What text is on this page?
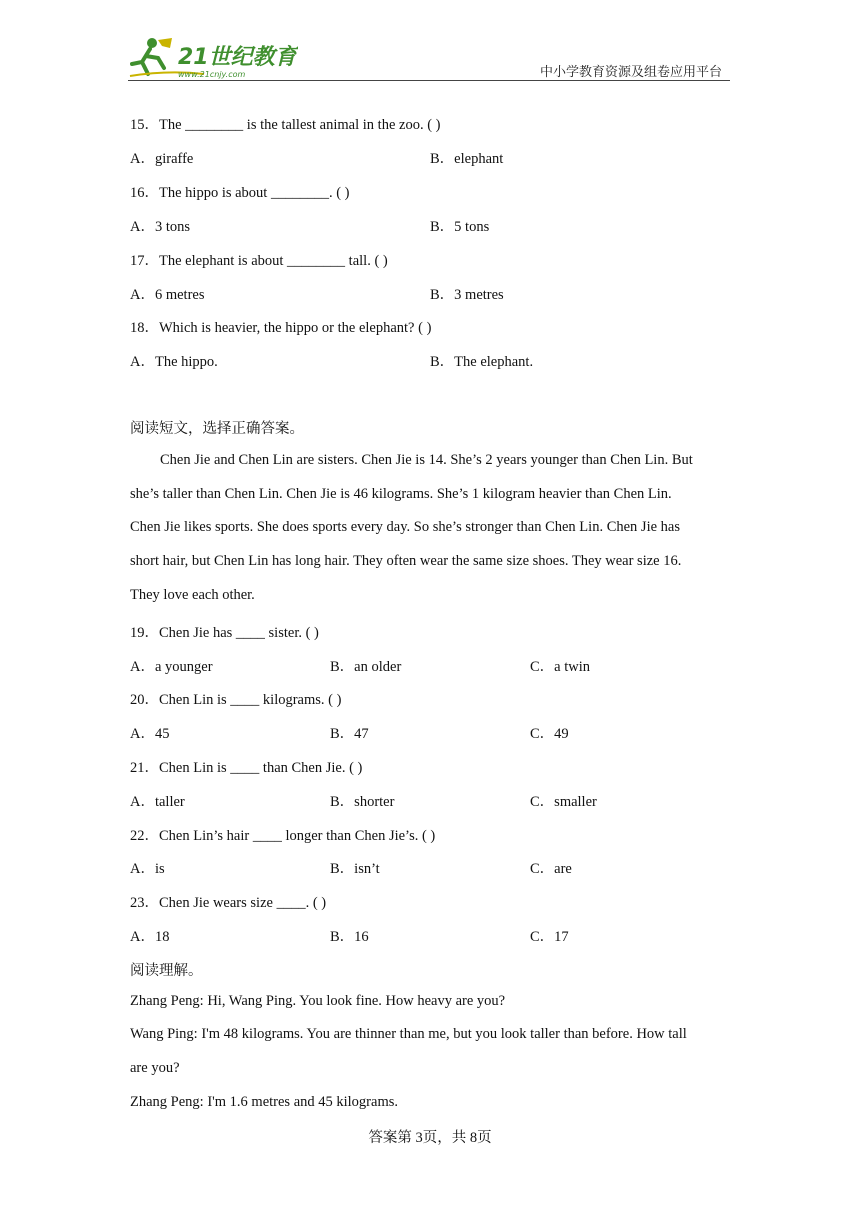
21世纪教育
www.21cnjy.com	中小学教育资源及组卷应用平台
15．The ________ is the tallest animal in the zoo. ( )
A．giraffe	B．elephant
16．The hippo is about ________. ( )
A．3 tons	B．5 tons
17．The elephant is about ________ tall. ( )
A．6 metres	B．3 metres
18．Which is heavier, the hippo or the elephant? ( )
A．The hippo.	B．The elephant.
阅读短文，选择正确答案。
Chen Jie and Chen Lin are sisters. Chen Jie is 14. She’s 2 years younger than Chen Lin. But
she’s taller than Chen Lin. Chen Jie is 46 kilograms. She’s 1 kilogram heavier than Chen Lin.
Chen Jie likes sports. She does sports every day. So she’s stronger than Chen Lin. Chen Jie has
short hair, but Chen Lin has long hair. They often wear the same size shoes. They wear size 16.
They love each other.
19．Chen Jie has ____ sister. ( )
A．a younger	B．an older	C．a twin
20．Chen Lin is ____ kilograms. ( )
A．45	B．47	C．49
21．Chen Lin is ____ than Chen Jie. ( )
A．taller	B．shorter	C．smaller
22．Chen Lin’s hair ____ longer than Chen Jie’s. ( )
A．is	B．isn’t	C．are
23．Chen Jie wears size ____. ( )
A．18	B．16	C．17
阅读理解。
Zhang Peng: Hi, Wang Ping. You look fine. How heavy are you?
Wang Ping: I'm 48 kilograms. You are thinner than me, but you look taller than before. How tall
are you?
Zhang Peng: I'm 1.6 metres and 45 kilograms.
答案第 3页，共 8页
